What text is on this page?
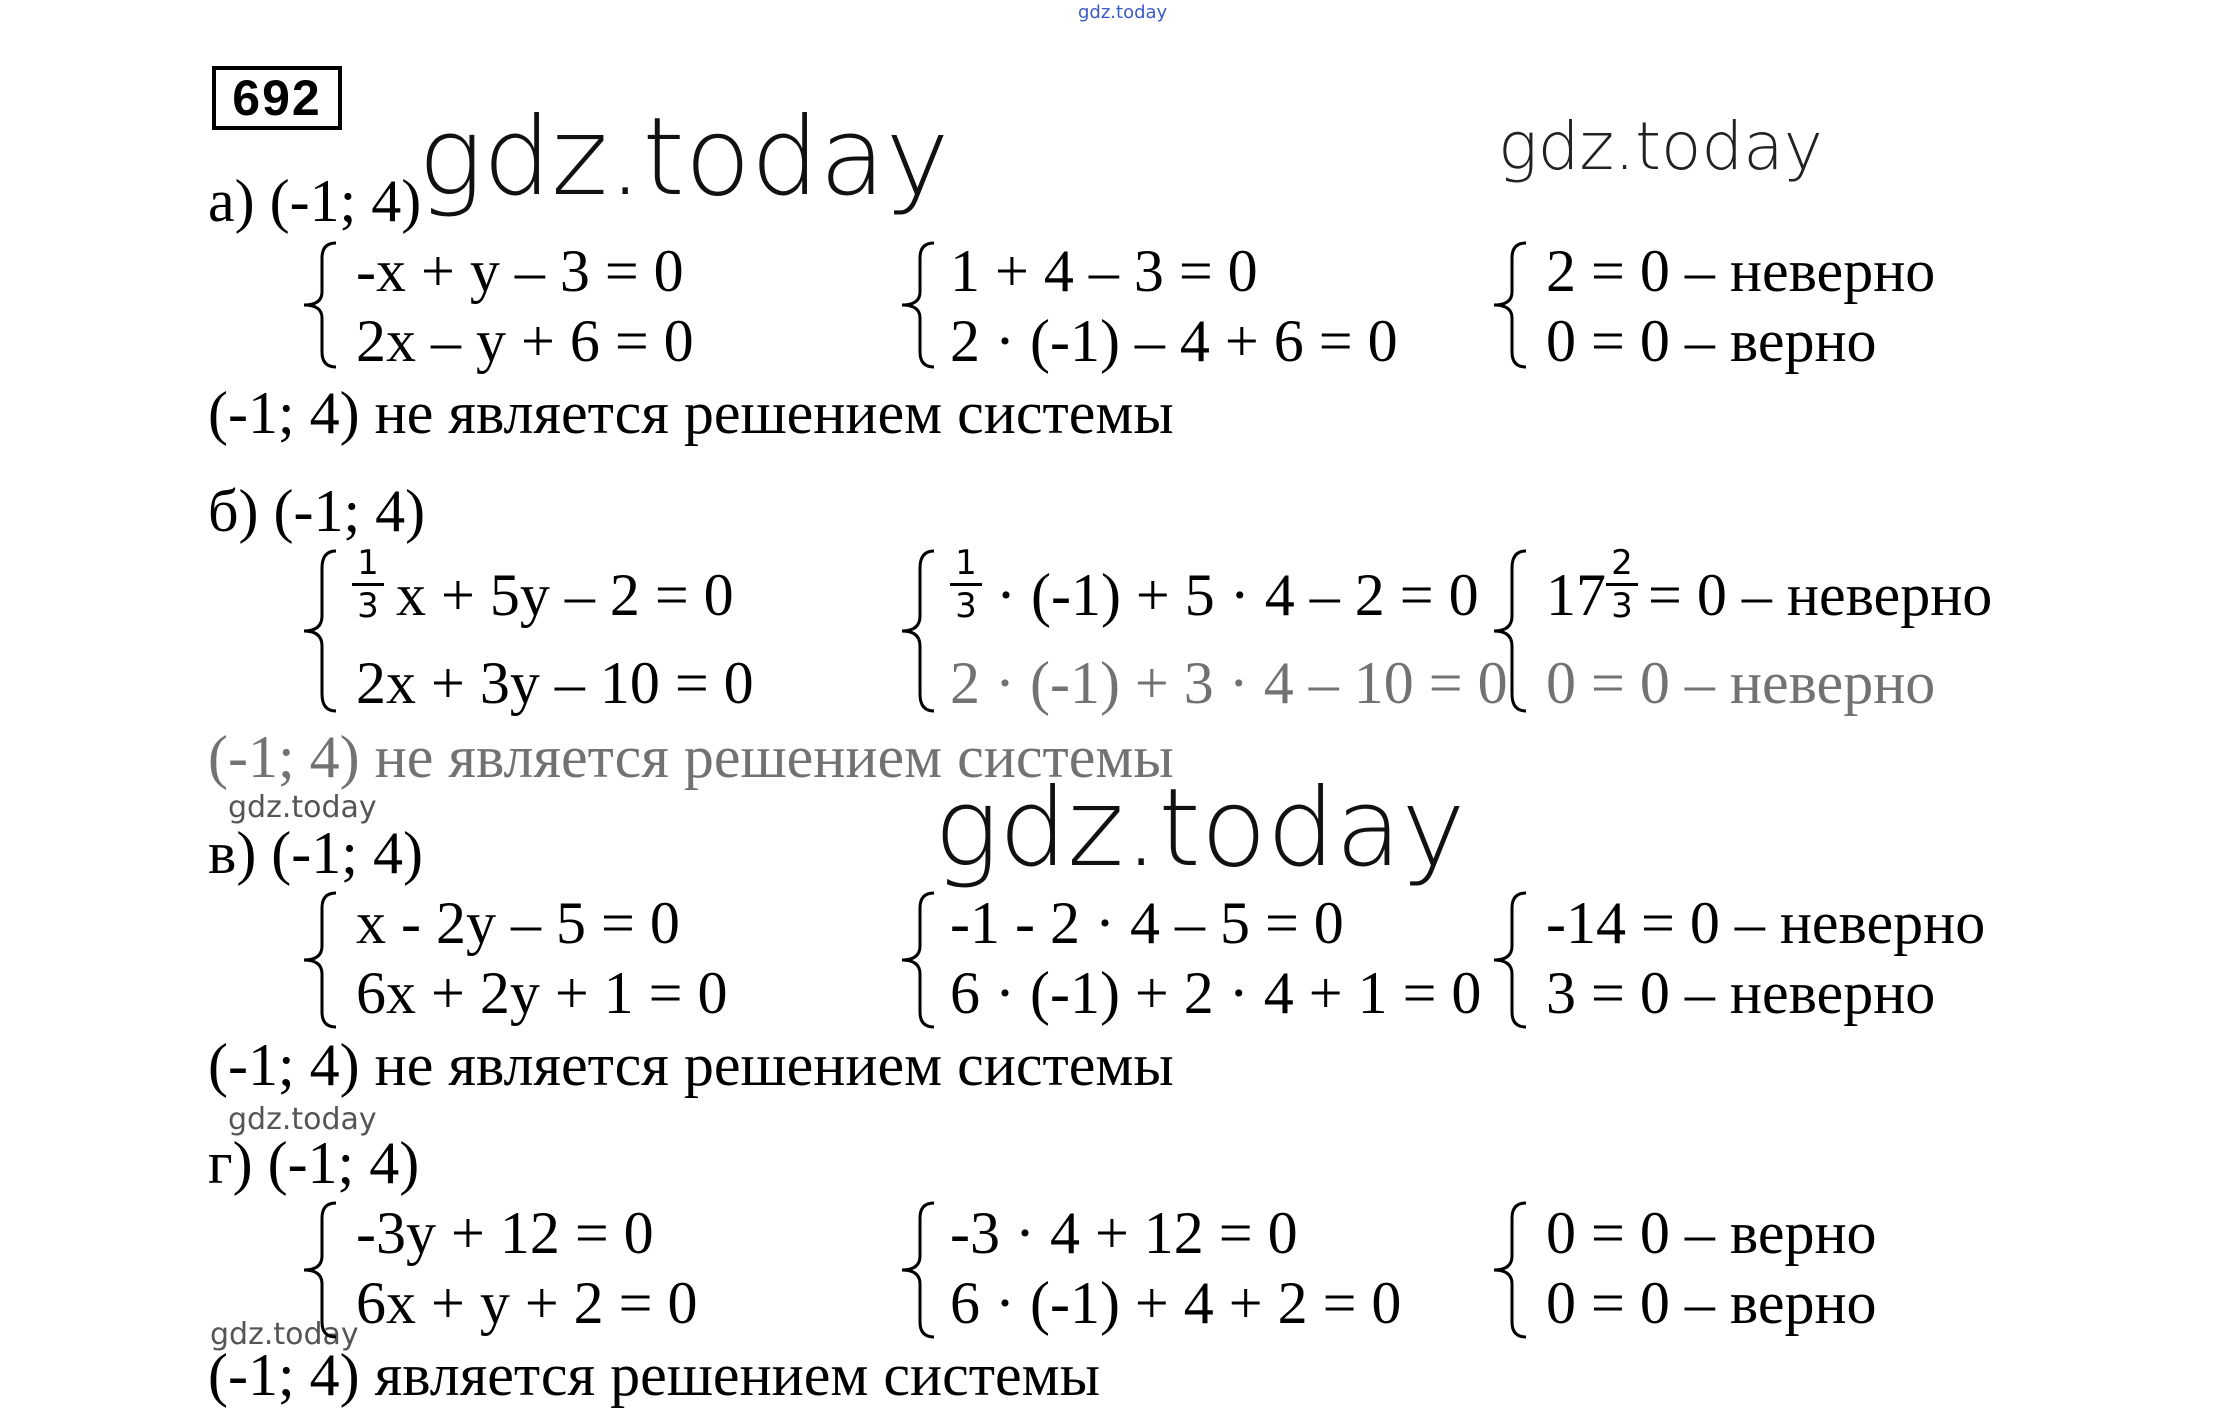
gdz.today
692 gdz.today	gdz.today
gdz.today
gdz.today
gdz.today
gdz.today
а) (-1; 4)
-x + y – 3 = 0
2x – y + 6 = 0
1 + 4 – 3 = 0
2 · (-1) – 4 + 6 = 0
2 = 0 – неверно
0 = 0 – верно
(-1; 4) не является решением системы
б) (-1; 4)
1
3 x + 5y – 2 = 0
2x + 3y – 10 = 0
1
3 · (-1) + 5 · 4 – 2 = 0
2 · (-1) + 3 · 4 – 10 = 0
17 2
3 = 0 – неверно
0 = 0 – неверно
(-1; 4) не является решением системы
в) (-1; 4)
x - 2y – 5 = 0
6x + 2y + 1 = 0
-1 - 2 · 4 – 5 = 0
6 · (-1) + 2 · 4 + 1 = 0
-14 = 0 – неверно
3 = 0 – неверно
(-1; 4) не является решением системы
г) (-1; 4)
-3y + 12 = 0
6x + y + 2 = 0
-3 · 4 + 12 = 0
6 · (-1) + 4 + 2 = 0
0 = 0 – верно
0 = 0 – верно
(-1; 4) является решением системы
